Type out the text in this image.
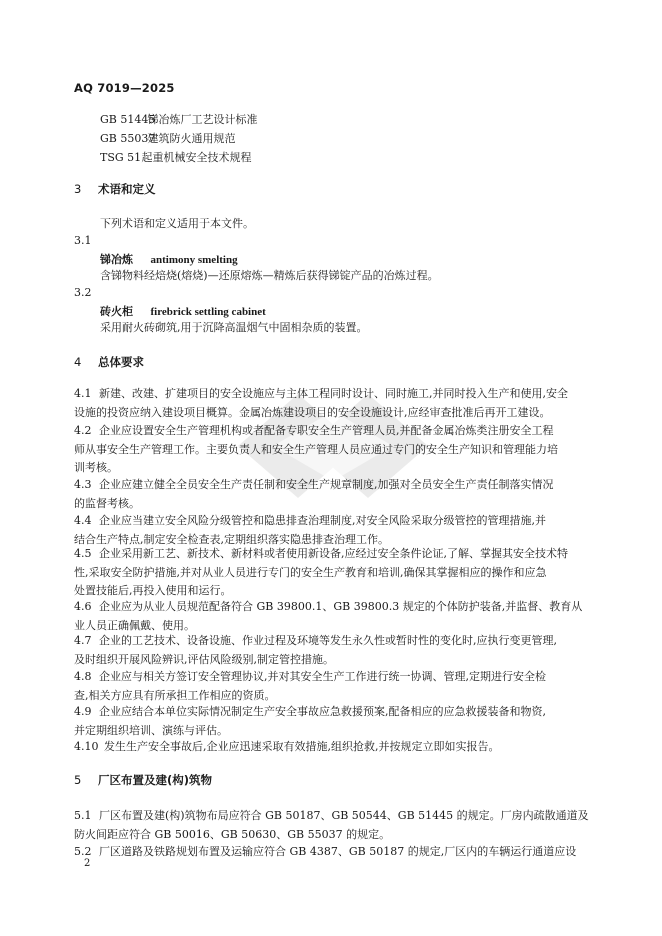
AQ 7019—2025
GB 51445 锑冶炼厂工艺设计标准
GB 55037 建筑防火通用规范
TSG 51 起重机械安全技术规程
3 术语和定义
下列术语和定义适用于本文件。
3.1
锑冶炼 antimony smelting
含锑物料经焙烧(熔烧)—还原熔炼—精炼后获得锑锭产品的冶炼过程。
3.2
砖火柜 firebrick settling cabinet
采用耐火砖砌筑,用于沉降高温烟气中固相杂质的装置。
4 总体要求
4.1 新建、改建、扩建项目的安全设施应与主体工程同时设计、同时施工,并同时投入生产和使用,安全
设施的投资应纳入建设项目概算。金属冶炼建设项目的安全设施设计,应经审查批准后再开工建设。
4.2 企业应设置安全生产管理机构或者配备专职安全生产管理人员,并配备金属冶炼类注册安全工程
师从事安全生产管理工作。主要负责人和安全生产管理人员应通过专门的安全生产知识和管理能力培
训考核。
4.3 企业应建立健全全员安全生产责任制和安全生产规章制度,加强对全员安全生产责任制落实情况
的监督考核。
4.4 企业应当建立安全风险分级管控和隐患排查治理制度,对安全风险采取分级管控的管理措施,并
结合生产特点,制定安全检查表,定期组织落实隐患排查治理工作。
4.5 企业采用新工艺、新技术、新材料或者使用新设备,应经过安全条件论证,了解、掌握其安全技术特
性,采取安全防护措施,并对从业人员进行专门的安全生产教育和培训,确保其掌握相应的操作和应急
处置技能后,再投入使用和运行。
4.6 企业应为从业人员规范配备符合 GB 39800.1、GB 39800.3 规定的个体防护装备,并监督、教育从
业人员正确佩戴、使用。
4.7 企业的工艺技术、设备设施、作业过程及环境等发生永久性或暂时性的变化时,应执行变更管理,
及时组织开展风险辨识,评估风险级别,制定管控措施。
4.8 企业应与相关方签订安全管理协议,并对其安全生产工作进行统一协调、管理,定期进行安全检
查,相关方应具有所承担工作相应的资质。
4.9 企业应结合本单位实际情况制定生产安全事故应急救援预案,配备相应的应急救援装备和物资,
并定期组织培训、演练与评估。
4.10 发生生产安全事故后,企业应迅速采取有效措施,组织抢救,并按规定立即如实报告。
5 厂区布置及建(构)筑物
5.1 厂区布置及建(构)筑物布局应符合 GB 50187、GB 50544、GB 51445 的规定。厂房内疏散通道及
防火间距应符合 GB 50016、GB 50630、GB 55037 的规定。
5.2 厂区道路及铁路规划布置及运输应符合 GB 4387、GB 50187 的规定,厂区内的车辆运行通道应设
2
